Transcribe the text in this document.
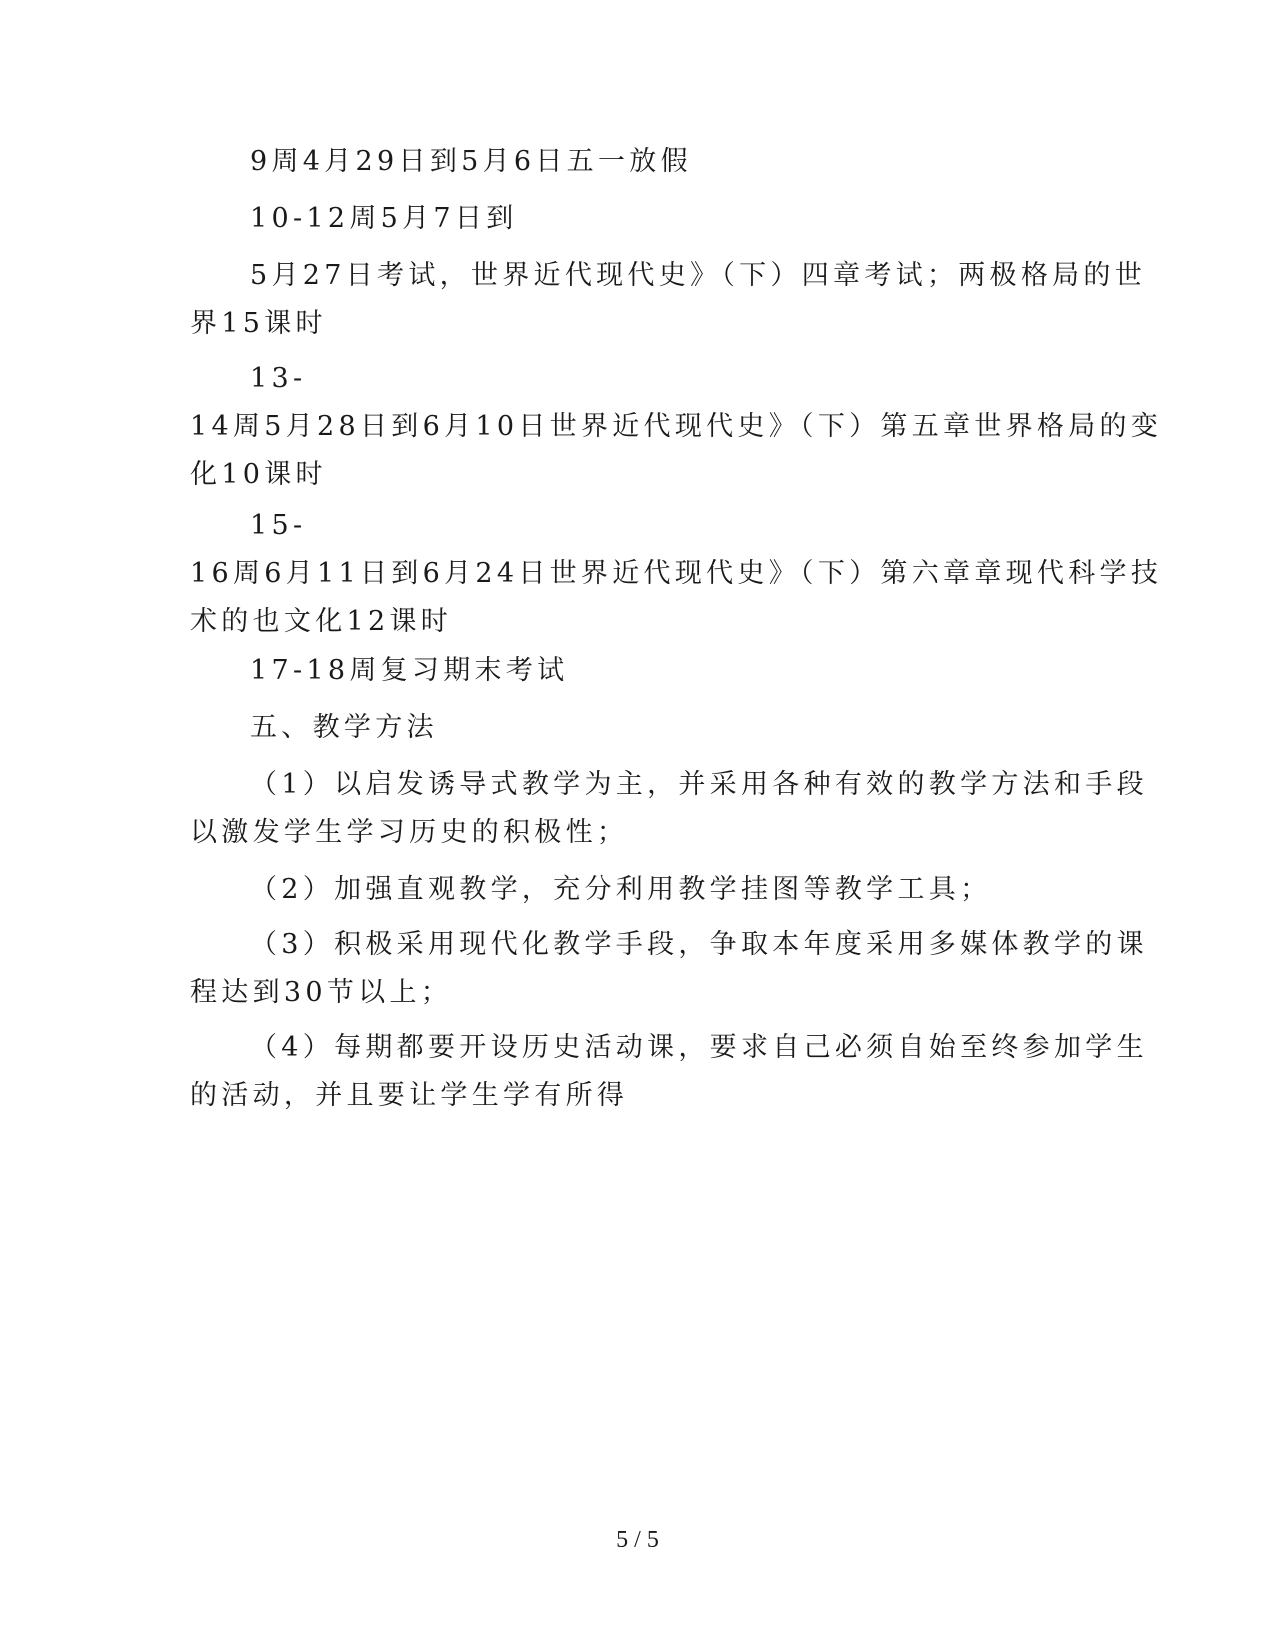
9周4月29日到5月6日五一放假

10-12周5月7日到

5月27日考试，世界近代现代史》（下）四章考试；两极格局的世
界15课时

13-
14周5月28日到6月10日世界近代现代史》（下）第五章世界格局的变
化10课时

15-
16周6月11日到6月24日世界近代现代史》（下）第六章章现代科学技
术的也文化12课时

17-18周复习期末考试

五、教学方法

（1）以启发诱导式教学为主，并采用各种有效的教学方法和手段
以激发学生学习历史的积极性；

（2）加强直观教学，充分利用教学挂图等教学工具；

（3）积极采用现代化教学手段，争取本年度采用多媒体教学的课
程达到30节以上；

（4）每期都要开设历史活动课，要求自己必须自始至终参加学生
的活动，并且要让学生学有所得

5 / 5
